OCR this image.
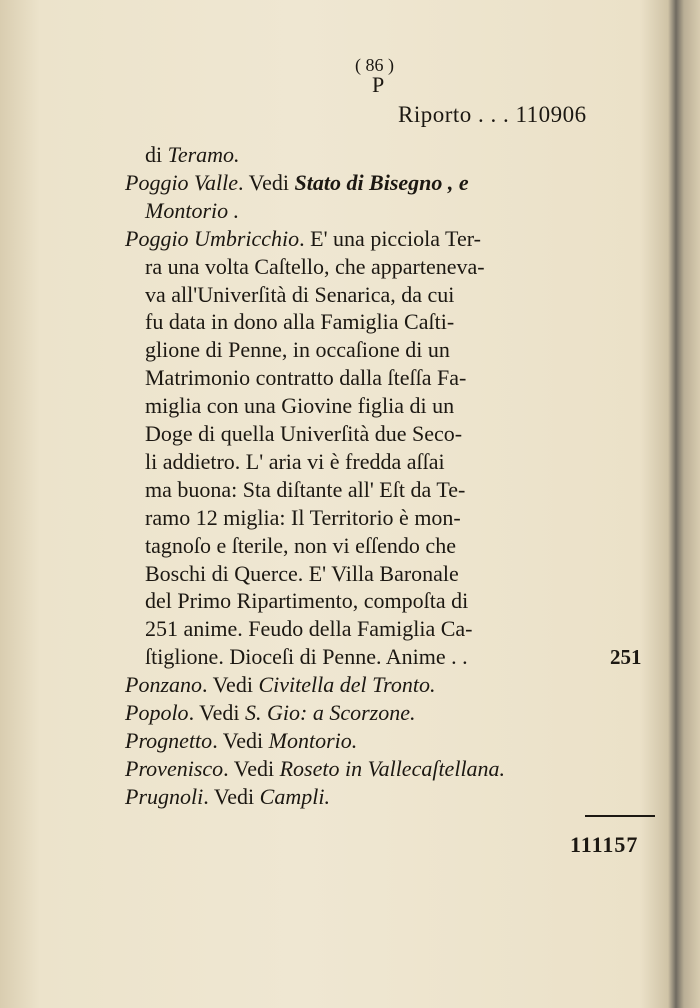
( 86 )
P
Riporto . . . 110906
di Teramo.
Poggio Valle. Vedi Stato di Bisegno , e
Montorio .
Poggio Umbricchio. E' una picciola Ter-
ra una volta Caſtello, che apparteneva-
va all'Univerſità di Senarica, da cui
fu data in dono alla Famiglia Caſti-
glione di Penne, in occaſione di un
Matrimonio contratto dalla ſteſſa Fa-
miglia con una Giovine figlia di un
Doge di quella Univerſità due Seco-
li addietro. L' aria vi è fredda aſſai
ma buona: Sta diſtante all' Eſt da Te-
ramo 12 miglia: Il Territorio è mon-
tagnoſo e ſterile, non vi eſſendo che
Boschi di Querce. E' Villa Baronale
del Primo Ripartimento, compoſta di
251 anime. Feudo della Famiglia Ca-
ſtiglione. Dioceſi di Penne. Animе . .	251
Ponzano. Vedi Civitella del Tronto.
Popolo. Vedi S. Gio: a Scorzone.
Prognetto. Vedi Montorio.
Provenisco. Vedi Roseto in Vallecaſtellana.
Prugnoli. Vedi Campli.
111157
